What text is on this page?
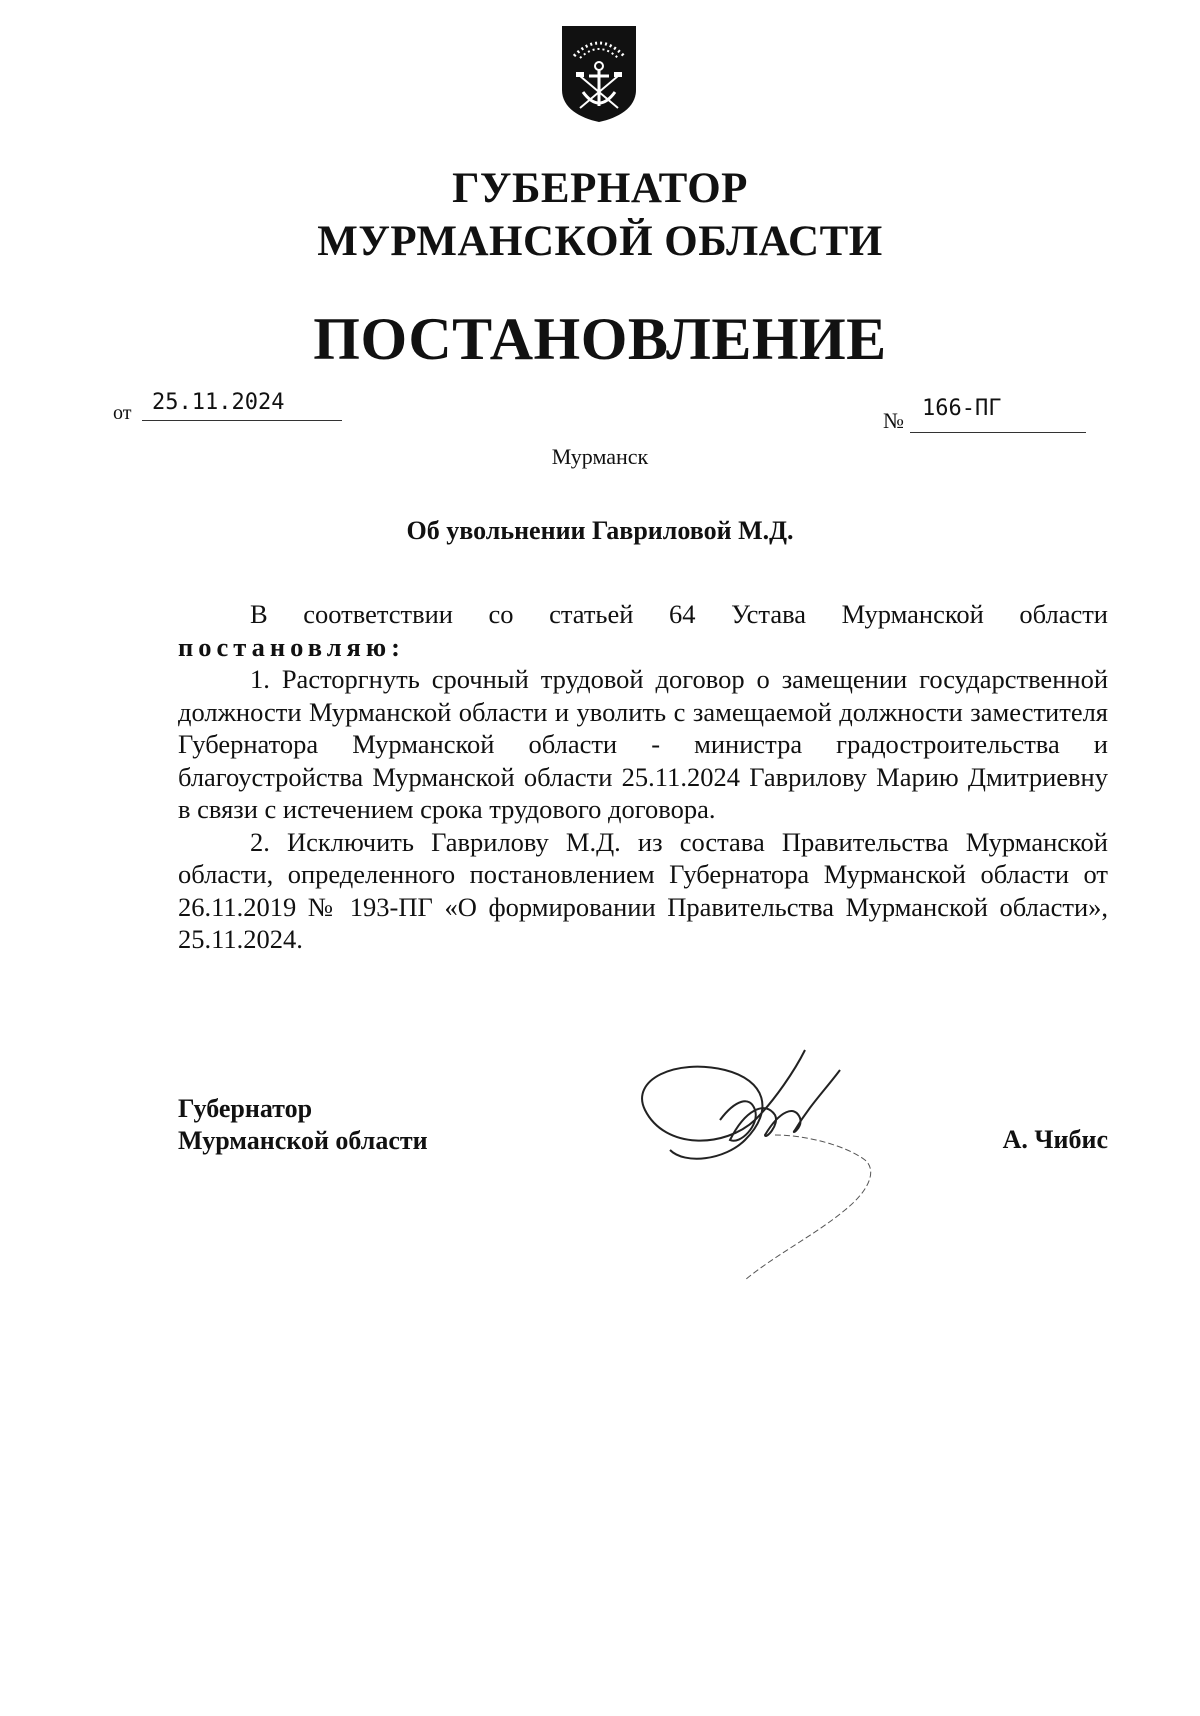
ГУБЕРНАТОР
МУРМАНСКОЙ ОБЛАСТИ
ПОСТАНОВЛЕНИЕ
от 25.11.2024
№ 166-ПГ
Мурманск
Об увольнении Гавриловой М.Д.

В соответствии со статьей 64 Устава Мурманской области

постановляю:

1. Расторгнуть срочный трудовой договор о замещении государственной должности Мурманской области и уволить с замещаемой должности заместителя Губернатора Мурманской области - министра градостроительства и благоустройства Мурманской области 25.11.2024 Гаврилову Марию Дмитриевну в связи с истечением срока трудового договора.

2. Исключить Гаврилову М.Д. из состава Правительства Мурманской области, определенного постановлением Губернатора Мурманской области от 26.11.2019 № 193-ПГ «О формировании Правительства Мурманской области», 25.11.2024.

Губернатор
Мурманской области	А. Чибис
